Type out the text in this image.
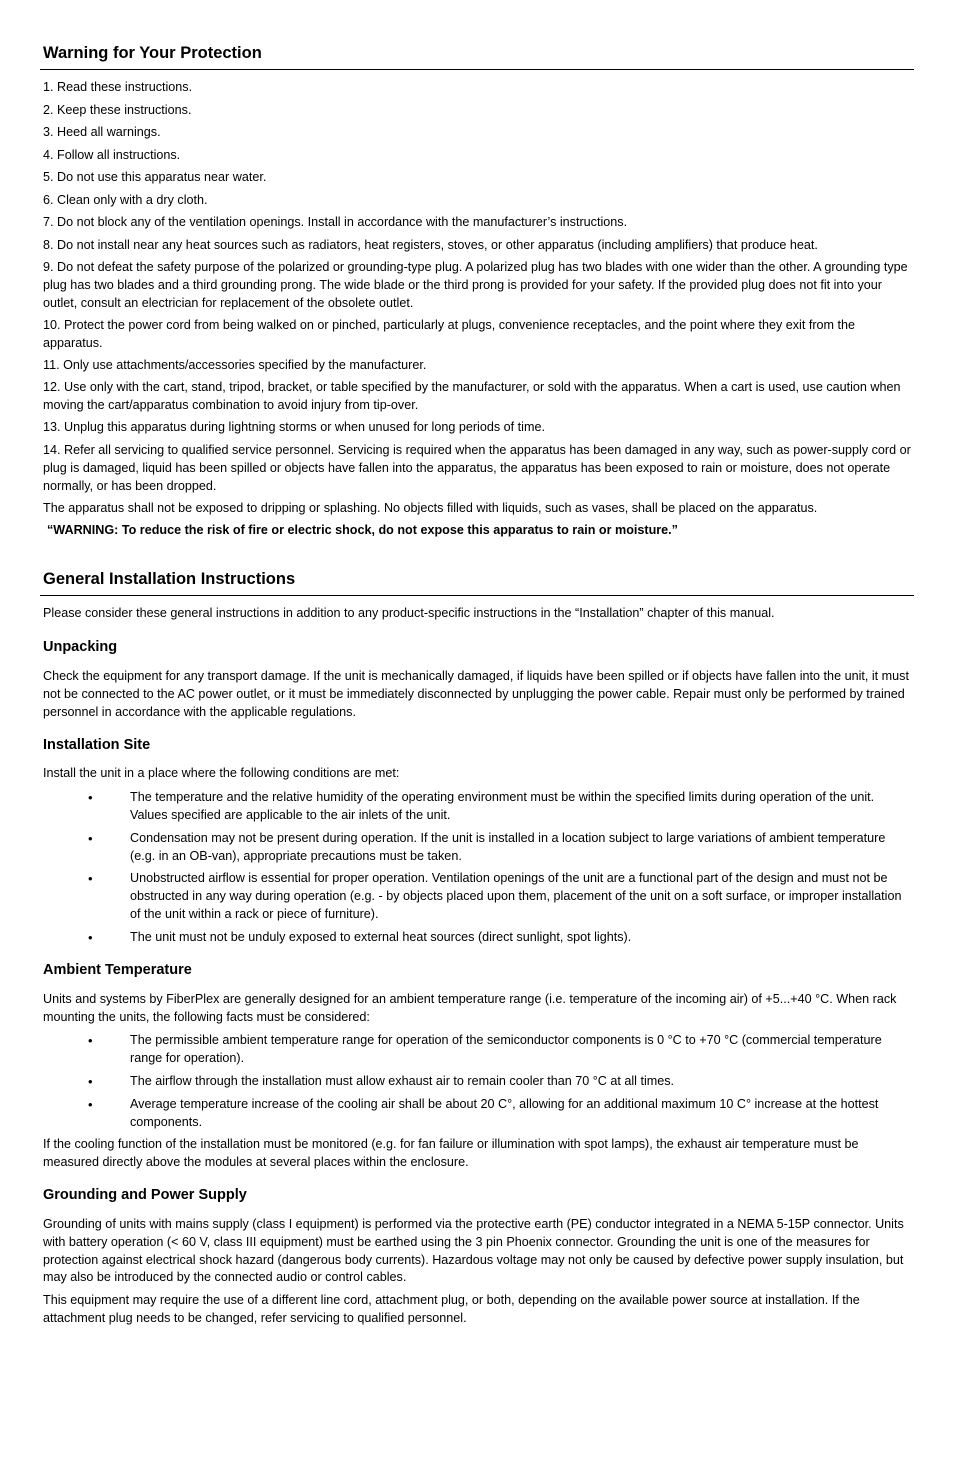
Warning for Your Protection
1. Read these instructions.
2. Keep these instructions.
3. Heed all warnings.
4. Follow all instructions.
5. Do not use this apparatus near water.
6. Clean only with a dry cloth.
7. Do not block any of the ventilation openings. Install in accordance with the manufacturer’s instructions.
8. Do not install near any heat sources such as radiators, heat registers, stoves, or other apparatus (including amplifiers) that produce heat.
9. Do not defeat the safety purpose of the polarized or grounding-type plug. A polarized plug has two blades with one wider than the other. A grounding type plug has two blades and a third grounding prong. The wide blade or the third prong is provided for your safety. If the provided plug does not fit into your outlet, consult an electrician for replacement of the obsolete outlet.
10. Protect the power cord from being walked on or pinched, particularly at plugs, convenience receptacles, and the point where they exit from the apparatus.
11. Only use attachments/accessories specified by the manufacturer.
12. Use only with the cart, stand, tripod, bracket, or table specified by the manufacturer, or sold with the apparatus. When a cart is used, use caution when moving the cart/apparatus combination to avoid injury from tip-over.
13. Unplug this apparatus during lightning storms or when unused for long periods of time.
14. Refer all servicing to qualified service personnel. Servicing is required when the apparatus has been damaged in any way, such as power-supply cord or plug is damaged, liquid has been spilled or objects have fallen into the apparatus, the apparatus has been exposed to rain or moisture, does not operate normally, or has been dropped.
The apparatus shall not be exposed to dripping or splashing. No objects filled with liquids, such as vases, shall be placed on the apparatus.
“WARNING: To reduce the risk of fire or electric shock, do not expose this apparatus to rain or moisture.”
General Installation Instructions
Please consider these general instructions in addition to any product-specific instructions in the “Installation” chapter of this manual.
Unpacking
Check the equipment for any transport damage. If the unit is mechanically damaged, if liquids have been spilled or if objects have fallen into the unit, it must not be connected to the AC power outlet, or it must be immediately disconnected by unplugging the power cable. Repair must only be performed by trained personnel in accordance with the applicable regulations.
Installation Site
Install the unit in a place where the following conditions are met:
•	The temperature and the relative humidity of the operating environment must be within the specified limits during operation of the unit. Values specified are applicable to the air inlets of the unit.
•	Condensation may not be present during operation. If the unit is installed in a location subject to large variations of ambient temperature (e.g. in an OB-van), appropriate precautions must be taken.
•	Unobstructed airflow is essential for proper operation. Ventilation openings of the unit are a functional part of the design and must not be obstructed in any way during operation (e.g. - by objects placed upon them, placement of the unit on a soft surface, or improper installation of the unit within a rack or piece of furniture).
•	The unit must not be unduly exposed to external heat sources (direct sunlight, spot lights).
Ambient Temperature
Units and systems by FiberPlex are generally designed for an ambient temperature range (i.e. temperature of the incoming air) of +5...+40 °C. When rack mounting the units, the following facts must be considered:
•	The permissible ambient temperature range for operation of the semiconductor components is 0 °C to +70 °C (commercial temperature range for operation).
•	The airflow through the installation must allow exhaust air to remain cooler than 70 °C at all times.
•	Average temperature increase of the cooling air shall be about 20 C°, allowing for an additional maximum 10 C° increase at the hottest components.
If the cooling function of the installation must be monitored (e.g. for fan failure or illumination with spot lamps), the exhaust air temperature must be measured directly above the modules at several places within the enclosure.
Grounding and Power Supply
Grounding of units with mains supply (class I equipment) is performed via the protective earth (PE) conductor integrated in a NEMA 5-15P connector. Units with battery operation (< 60 V, class III equipment) must be earthed using the 3 pin Phoenix connector. Grounding the unit is one of the measures for protection against electrical shock hazard (dangerous body currents). Hazardous voltage may not only be caused by defective power supply insulation, but may also be introduced by the connected audio or control cables.
This equipment may require the use of a different line cord, attachment plug, or both, depending on the available power source at installation. If the attachment plug needs to be changed, refer servicing to qualified personnel.
